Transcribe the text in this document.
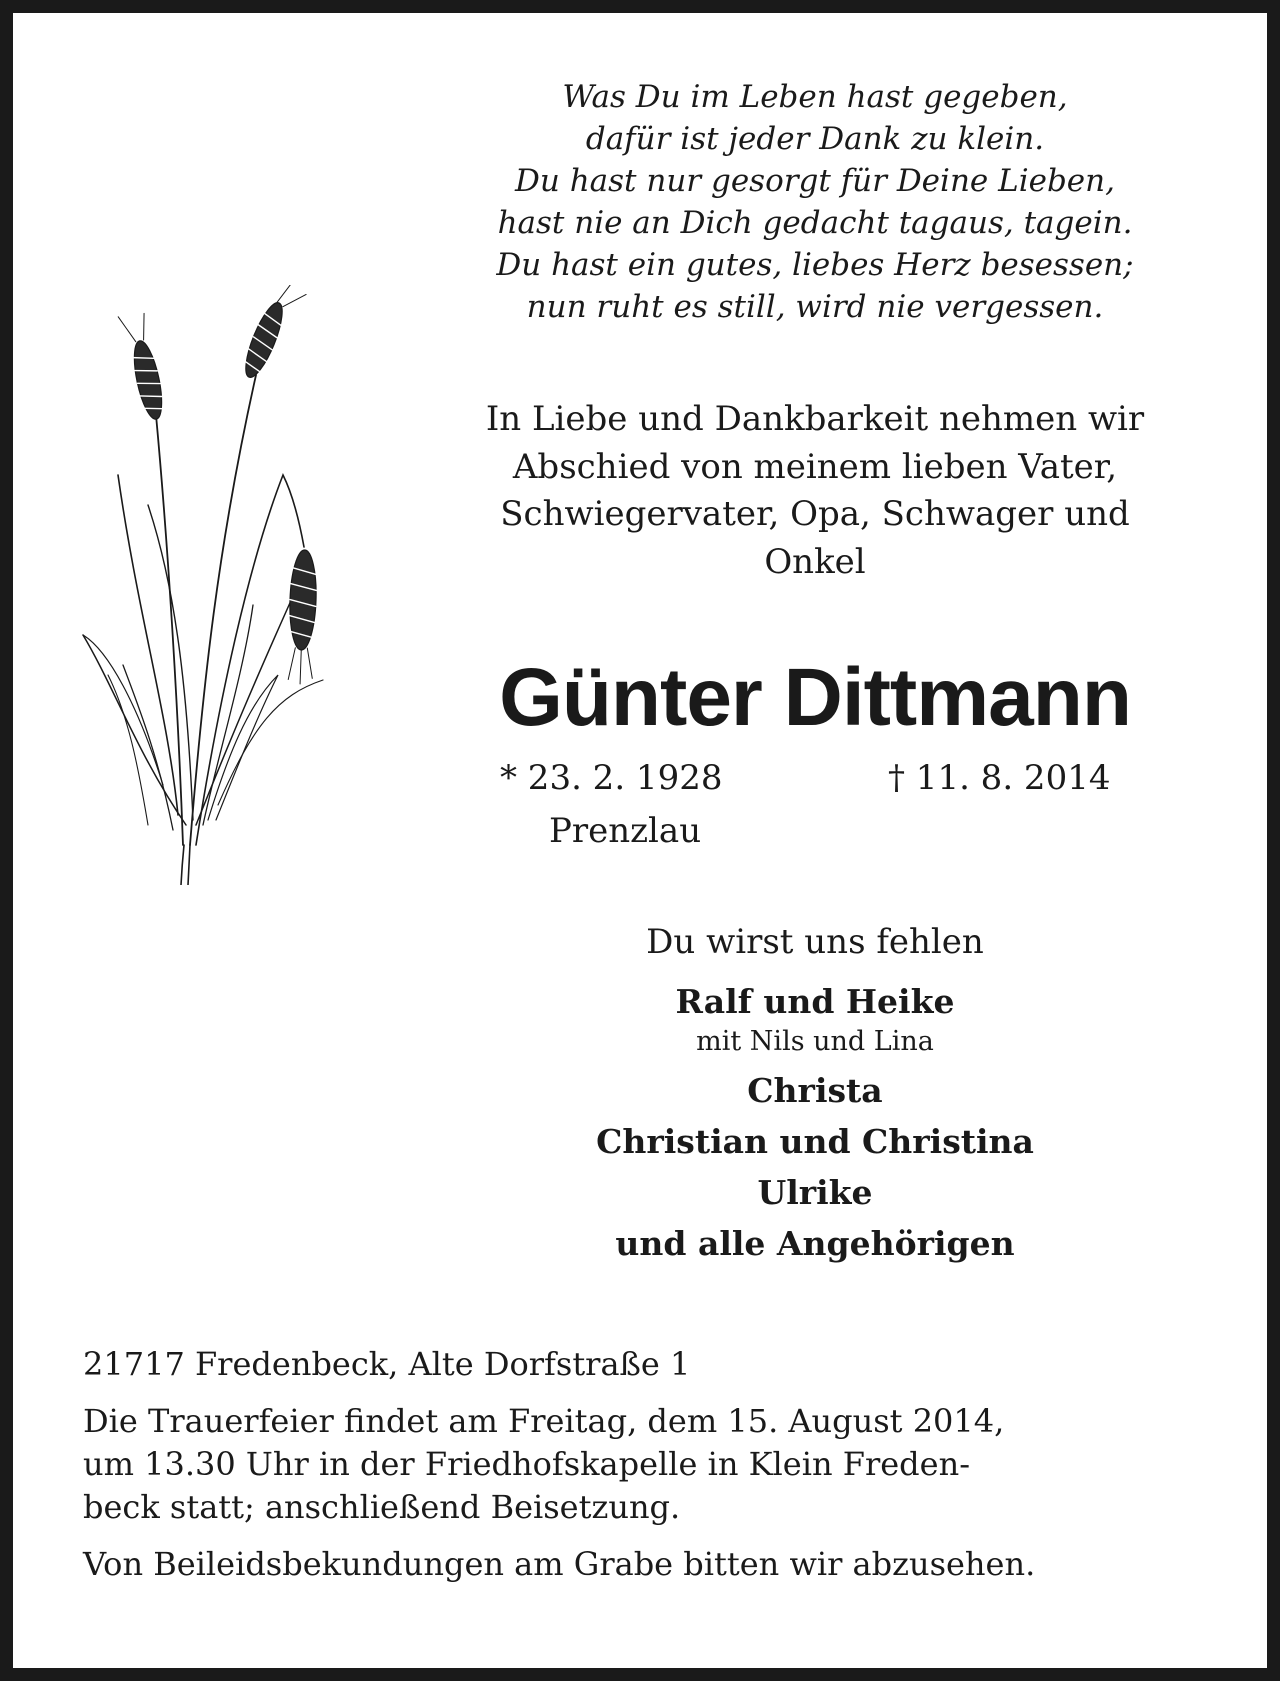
Was Du im Leben hast gegeben,
dafür ist jeder Dank zu klein.
Du hast nur gesorgt für Deine Lieben,
hast nie an Dich gedacht tagaus, tagein.
Du hast ein gutes, liebes Herz besessen;
nun ruht es still, wird nie vergessen.
In Liebe und Dankbarkeit nehmen wir
Abschied von meinem lieben Vater,
Schwiegervater, Opa, Schwager und
Onkel
Günter Dittmann
* 23. 2. 1928	† 11. 8. 2014
Prenzlau
Du wirst uns fehlen
Ralf und Heike
mit Nils und Lina
Christa
Christian und Christina
Ulrike
und alle Angehörigen
21717 Fredenbeck, Alte Dorfstraße 1
Die Trauerfeier findet am Freitag, dem 15. August 2014,
um 13.30 Uhr in der Friedhofskapelle in Klein Freden-
beck statt; anschließend Beisetzung.
Von Beileidsbekundungen am Grabe bitten wir abzusehen.
